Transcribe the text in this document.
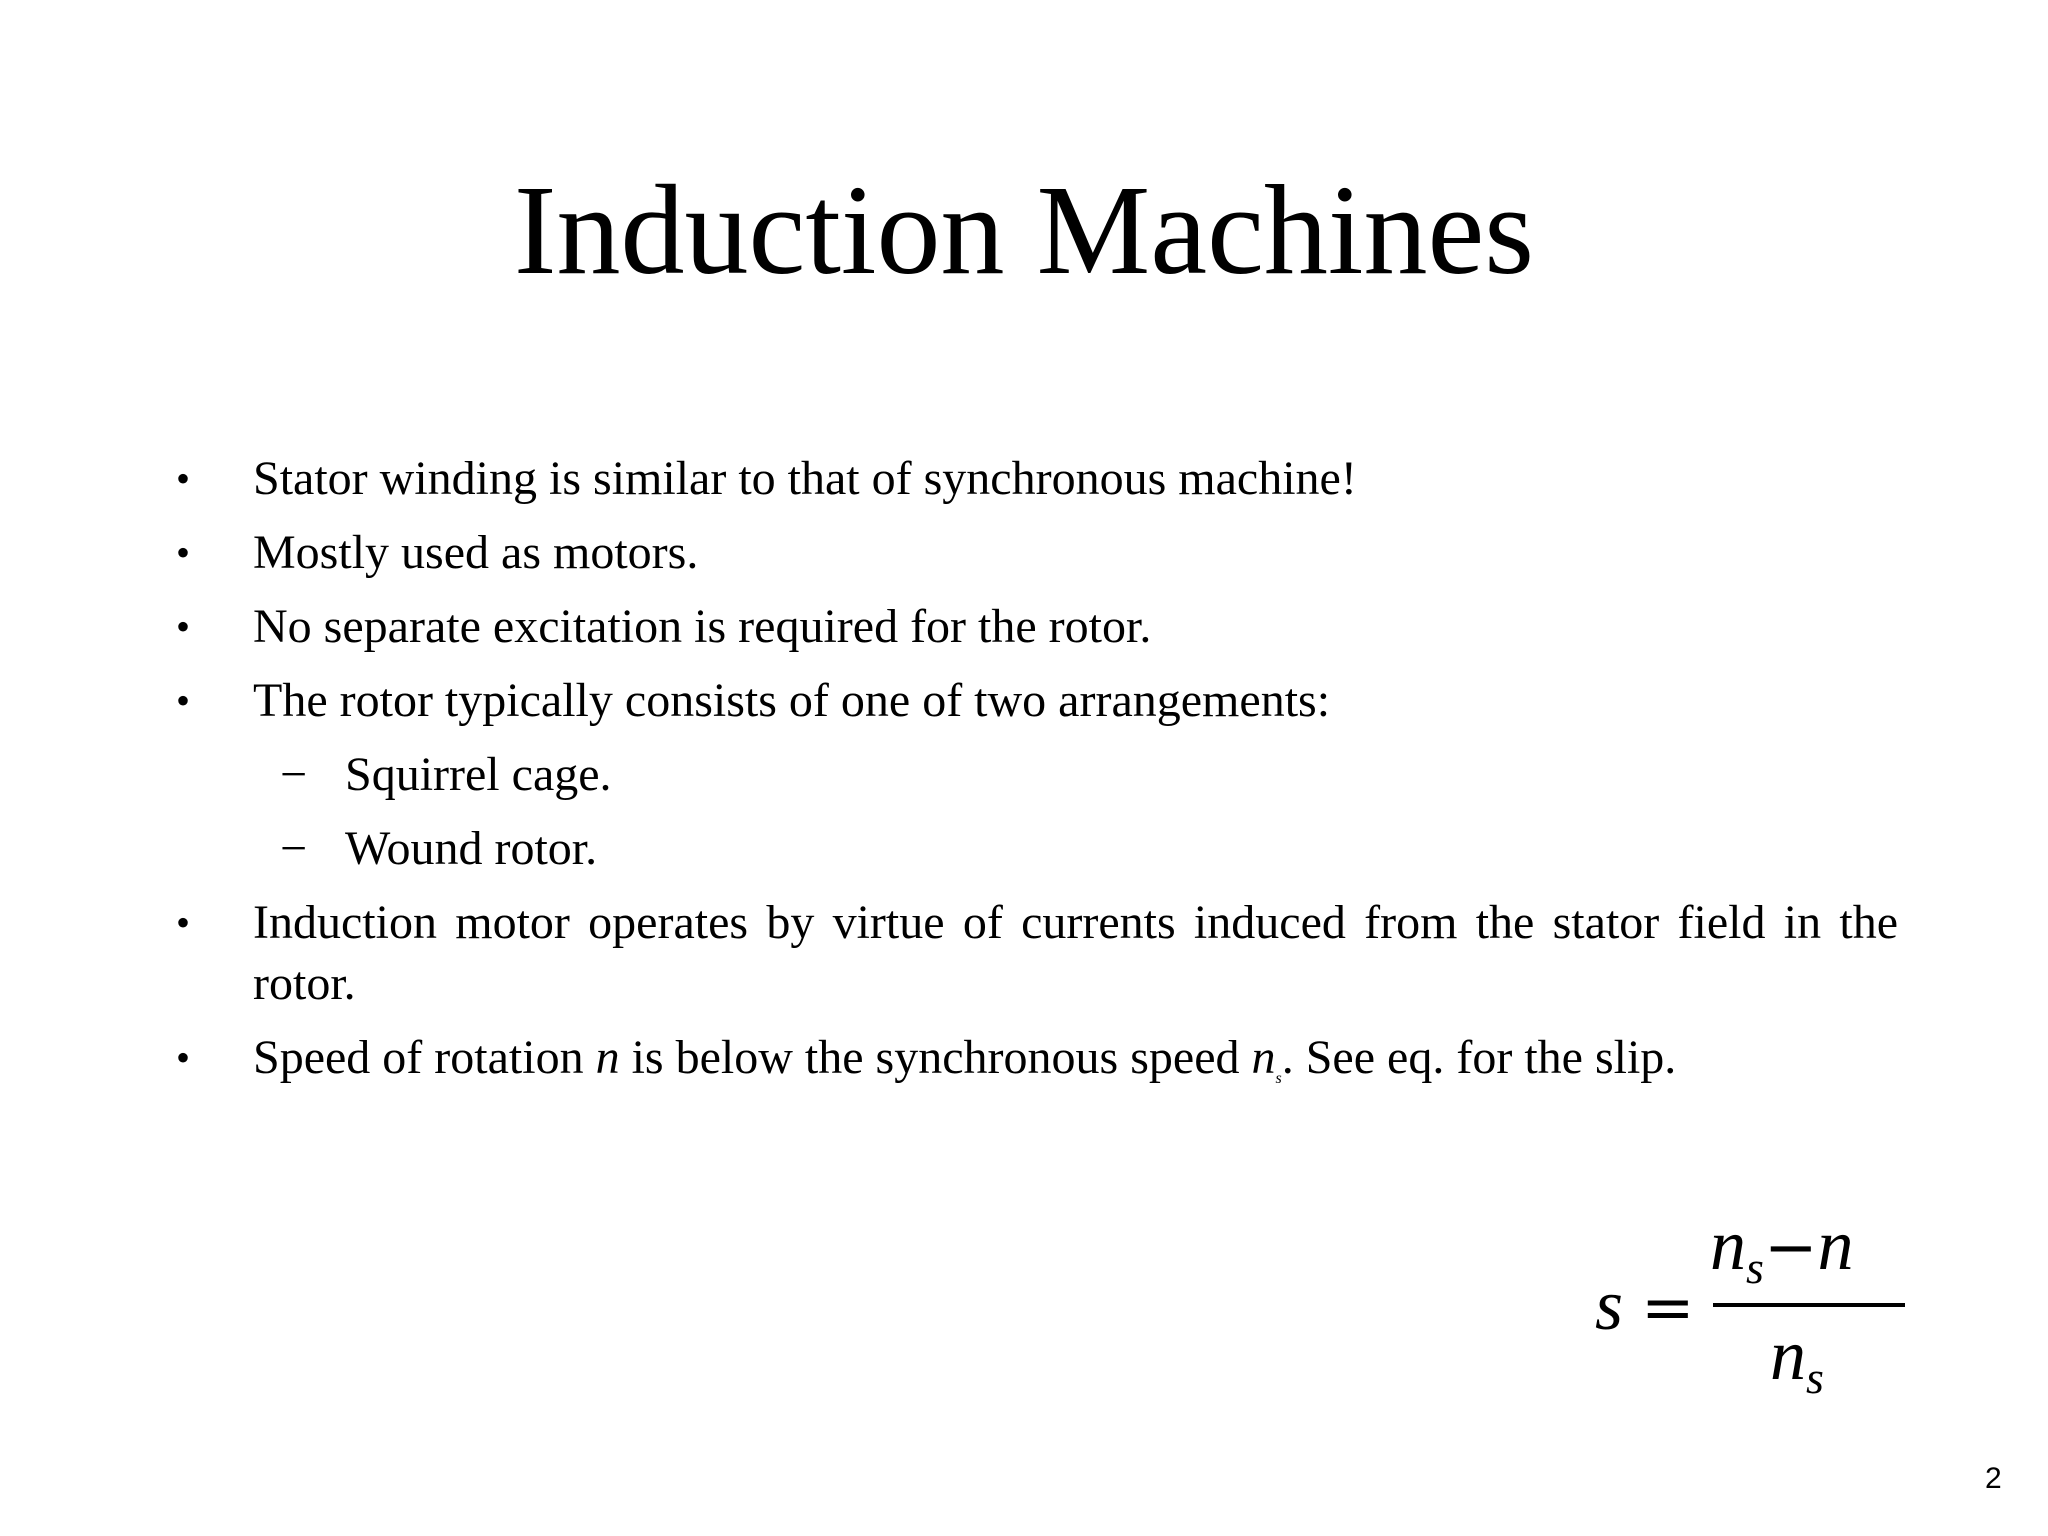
Induction Machines
• Stator winding is similar to that of synchronous machine!
• Mostly used as motors.
• No separate excitation is required for the rotor.
• The rotor typically consists of one of two arrangements:
− Squirrel cage.
− Wound rotor.
• Induction motor operates by virtue of currents induced from the stator field in the rotor.
• Speed of rotation n is below the synchronous speed $n_s$. See eq. for the slip.
s =
$n_s-n$
$n_s$
2
